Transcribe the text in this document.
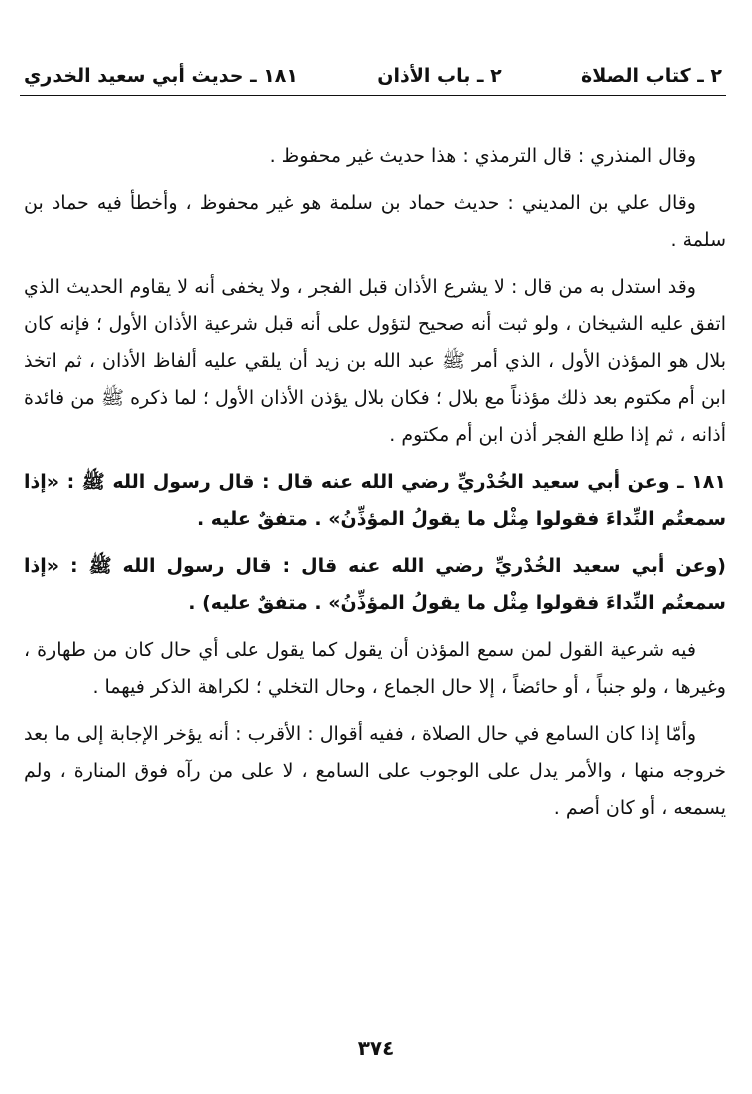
٢ ـ كتاب الصلاة
٢ ـ باب الأذان
١٨١ ـ حديث أبي سعيد الخدري

وقال المنذري : قال الترمذي : هذا حديث غير محفوظ .

وقال علي بن المديني : حديث حماد بن سلمة هو غير محفوظ ، وأخطأ فيه حماد بن سلمة .

وقد استدل به من قال : لا يشرع الأذان قبل الفجر ، ولا يخفى أنه لا يقاوم الحديث الذي اتفق عليه الشيخان ، ولو ثبت أنه صحيح لتؤول على أنه قبل شرعية الأذان الأول ؛ فإنه كان بلال هو المؤذن الأول ، الذي أمر ﷺ عبد الله بن زيد أن يلقي عليه ألفاظ الأذان ، ثم اتخذ ابن أم مكتوم بعد ذلك مؤذناً مع بلال ؛ فكان بلال يؤذن الأذان الأول ؛ لما ذكره ﷺ من فائدة أذانه ، ثم إذا طلع الفجر أذن ابن أم مكتوم .

١٨١ ـ وعن أبي سعيد الخُدْريِّ رضي الله عنه قال : قال رسول الله ﷺ : «إذا سمعتُم النِّداءَ فقولوا مِثْل ما يقولُ المؤذِّنُ» . متفقٌ عليه .

(وعن أبي سعيد الخُدْريِّ رضي الله عنه قال : قال رسول الله ﷺ : «إذا سمعتُم النِّداءَ فقولوا مِثْل ما يقولُ المؤذِّنُ» . متفقٌ عليه) .

فيه شرعية القول لمن سمع المؤذن أن يقول كما يقول على أي حال كان من طهارة ، وغيرها ، ولو جنباً ، أو حائضاً ، إلا حال الجماع ، وحال التخلي ؛ لكراهة الذكر فيهما .

وأمّا إذا كان السامع في حال الصلاة ، ففيه أقوال : الأقرب : أنه يؤخر الإجابة إلى ما بعد خروجه منها ، والأمر يدل على الوجوب على السامع ، لا على من رآه فوق المنارة ، ولم يسمعه ، أو كان أصم .

٣٧٤
